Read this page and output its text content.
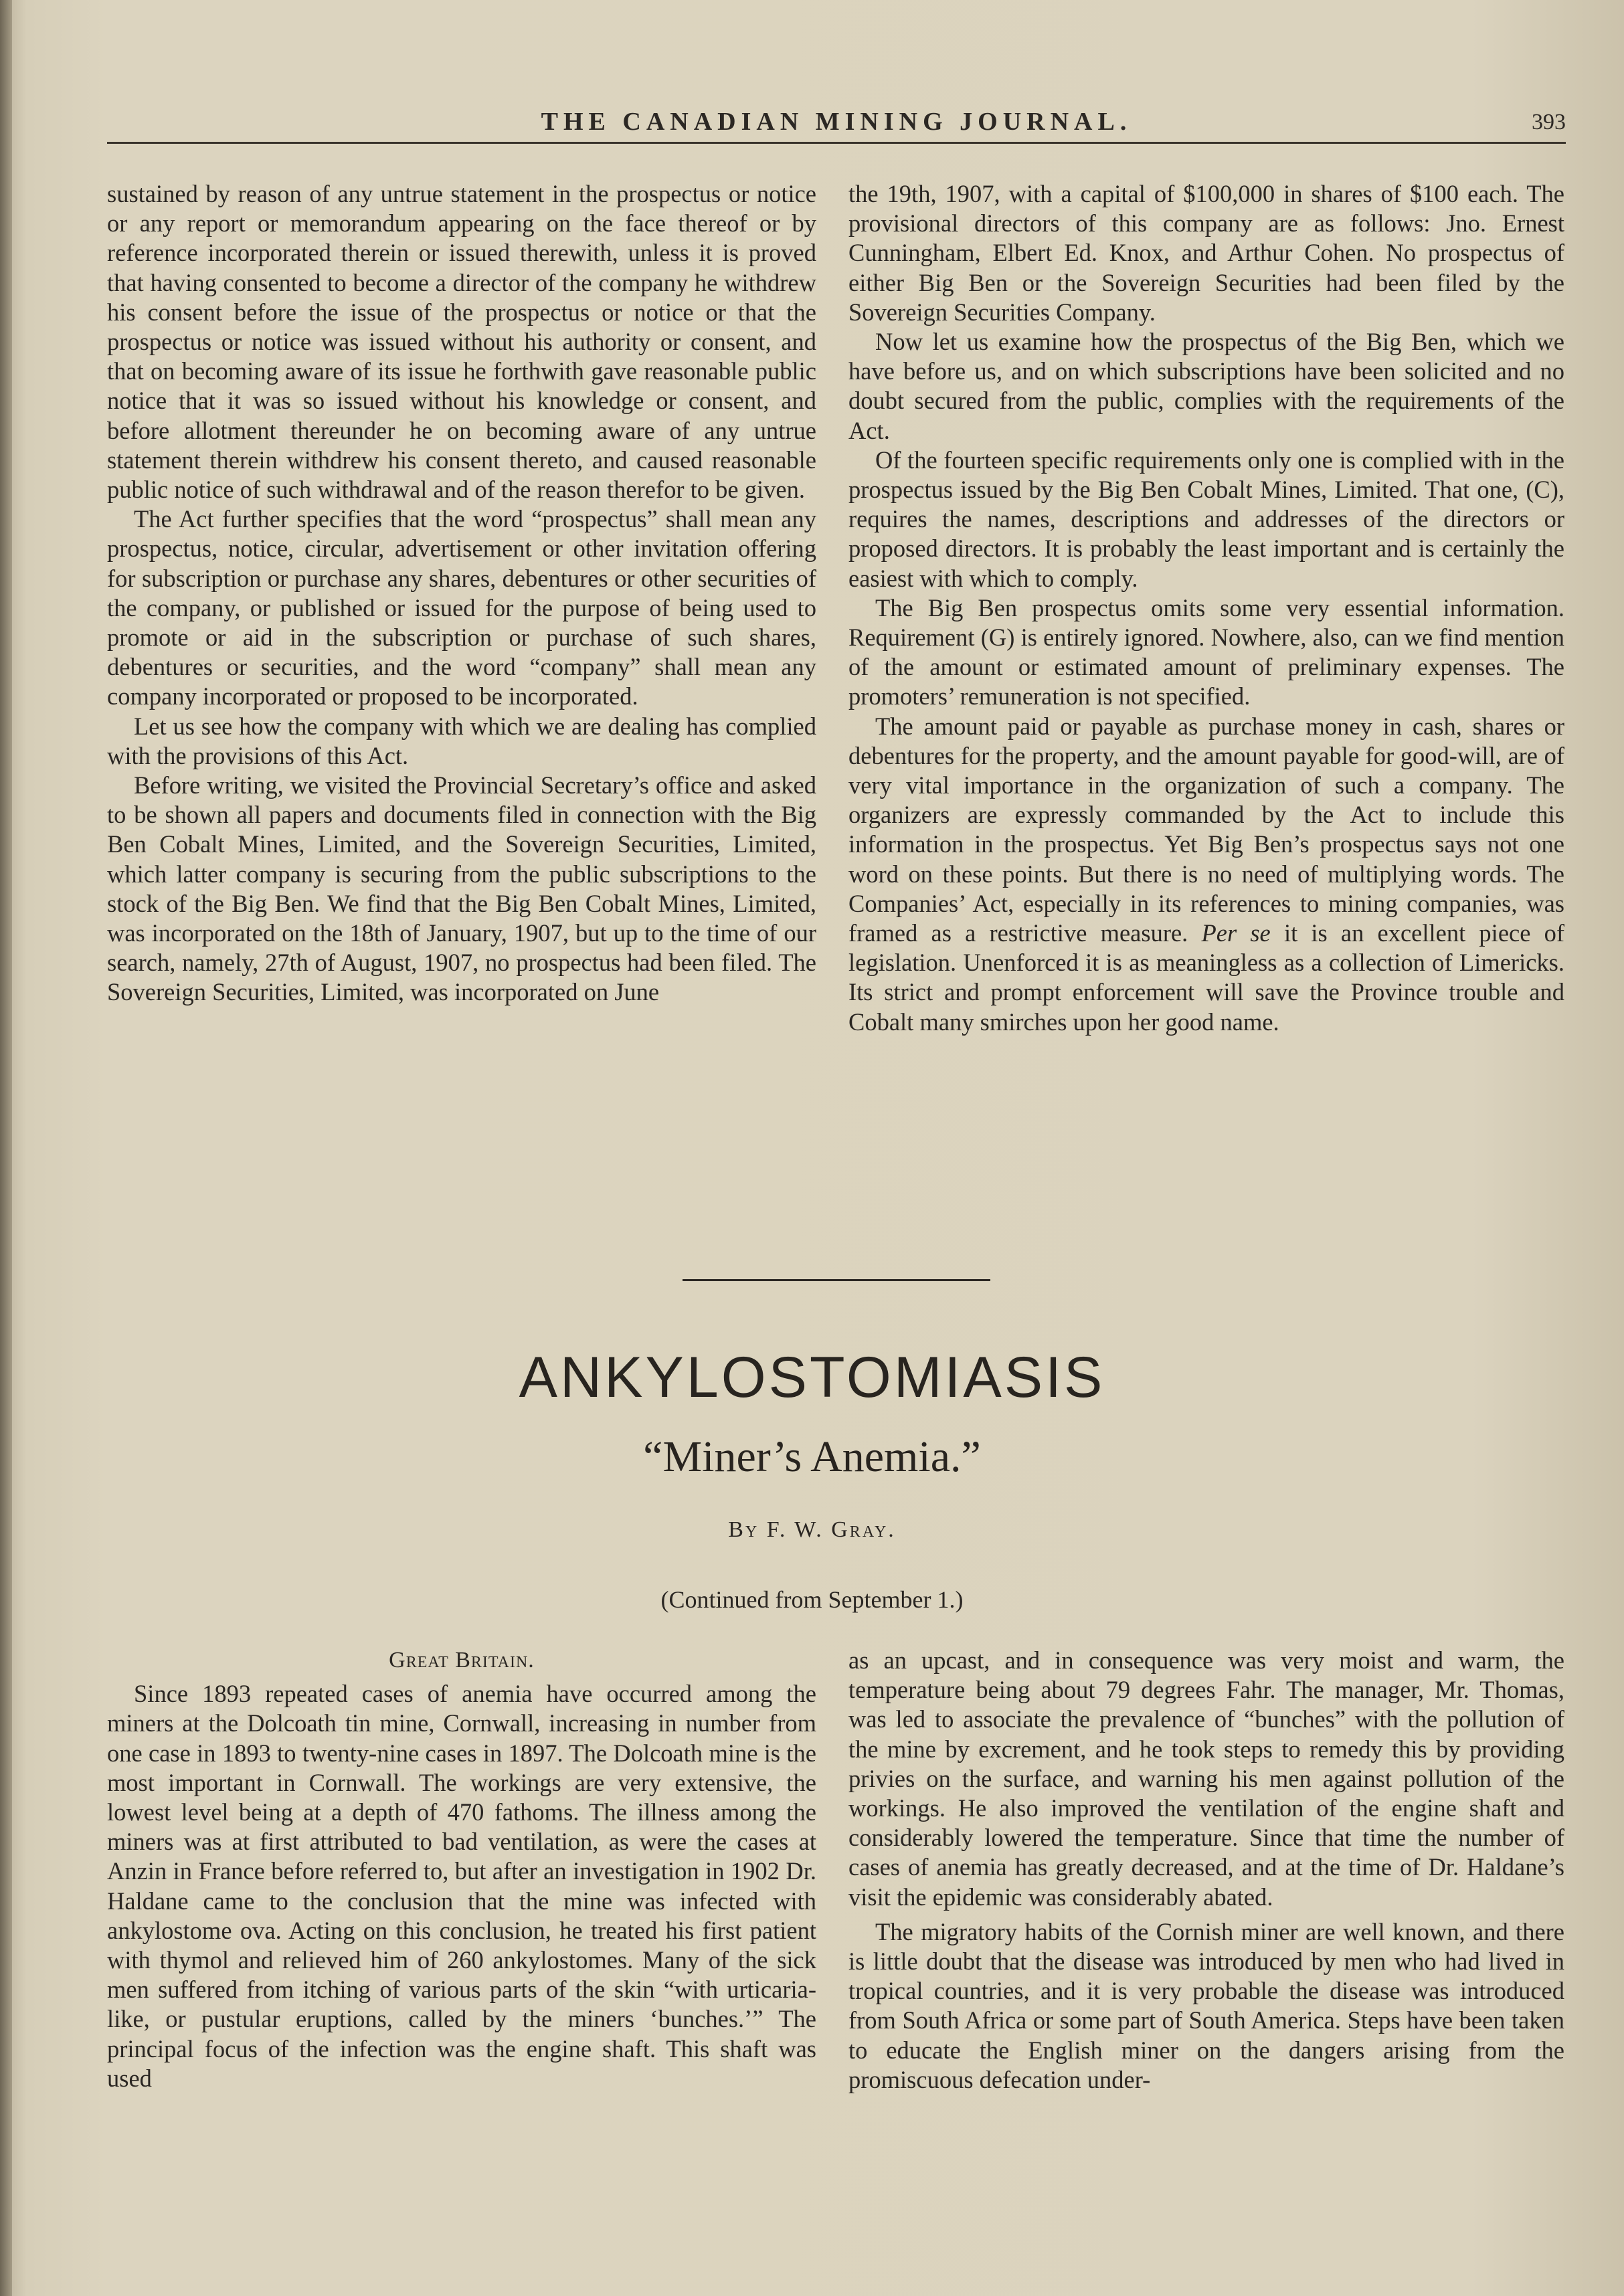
THE CANADIAN MINING JOURNAL.	393

sustained by reason of any untrue statement in the prospectus or notice or any report or memorandum appearing on the face thereof or by reference incorporated therein or issued therewith, unless it is proved that having consented to become a director of the company he withdrew his consent before the issue of the prospectus or notice or that the prospectus or notice was issued without his authority or consent, and that on becoming aware of its issue he forthwith gave reasonable public notice that it was so issued without his knowledge or consent, and before allotment thereunder he on becoming aware of any untrue statement therein withdrew his consent thereto, and caused reasonable public notice of such withdrawal and of the reason therefor to be given.

The Act further specifies that the word “prospectus” shall mean any prospectus, notice, circular, advertisement or other invitation offering for subscription or purchase any shares, debentures or other securities of the company, or published or issued for the purpose of being used to promote or aid in the subscription or purchase of such shares, debentures or securities, and the word “company” shall mean any company incorporated or proposed to be incorporated.

Let us see how the company with which we are dealing has complied with the provisions of this Act.

Before writing, we visited the Provincial Secretary’s office and asked to be shown all papers and documents filed in connection with the Big Ben Cobalt Mines, Limited, and the Sovereign Securities, Limited, which latter company is securing from the public subscriptions to the stock of the Big Ben. We find that the Big Ben Cobalt Mines, Limited, was incorporated on the 18th of January, 1907, but up to the time of our search, namely, 27th of August, 1907, no prospectus had been filed. The Sovereign Securities, Limited, was incorporated on June

the 19th, 1907, with a capital of $100,000 in shares of $100 each. The provisional directors of this company are as follows: Jno. Ernest Cunningham, Elbert Ed. Knox, and Arthur Cohen. No prospectus of either Big Ben or the Sovereign Securities had been filed by the Sovereign Securities Company.

Now let us examine how the prospectus of the Big Ben, which we have before us, and on which subscriptions have been solicited and no doubt secured from the public, complies with the requirements of the Act.

Of the fourteen specific requirements only one is complied with in the prospectus issued by the Big Ben Cobalt Mines, Limited. That one, (C), requires the names, descriptions and addresses of the directors or proposed directors. It is probably the least important and is certainly the easiest with which to comply.

The Big Ben prospectus omits some very essential information. Requirement (G) is entirely ignored. Nowhere, also, can we find mention of the amount or estimated amount of preliminary expenses. The promoters’ remuneration is not specified.

The amount paid or payable as purchase money in cash, shares or debentures for the property, and the amount payable for good-will, are of very vital importance in the organization of such a company. The organizers are expressly commanded by the Act to include this information in the prospectus. Yet Big Ben’s prospectus says not one word on these points. But there is no need of multiplying words. The Companies’ Act, especially in its references to mining companies, was framed as a restrictive measure. Per se it is an excellent piece of legislation. Unenforced it is as meaningless as a collection of Limericks. Its strict and prompt enforcement will save the Province trouble and Cobalt many smirches upon her good name.

ANKYLOSTOMIASIS
“Miner’s Anemia.”
By F. W. Gray.
(Continued from September 1.)
Great Britain.

Since 1893 repeated cases of anemia have occurred among the miners at the Dolcoath tin mine, Cornwall, increasing in number from one case in 1893 to twenty-nine cases in 1897. The Dolcoath mine is the most important in Cornwall. The workings are very extensive, the lowest level being at a depth of 470 fathoms. The illness among the miners was at first attributed to bad ventilation, as were the cases at Anzin in France before referred to, but after an investigation in 1902 Dr. Haldane came to the conclusion that the mine was infected with ankylostome ova. Acting on this conclusion, he treated his first patient with thymol and relieved him of 260 ankylostomes. Many of the sick men suffered from itching of various parts of the skin “with urticaria-like, or pustular eruptions, called by the miners ‘bunches.’” The principal focus of the infection was the engine shaft. This shaft was used

as an upcast, and in consequence was very moist and warm, the temperature being about 79 degrees Fahr. The manager, Mr. Thomas, was led to associate the prevalence of “bunches” with the pollution of the mine by excrement, and he took steps to remedy this by providing privies on the surface, and warning his men against pollution of the workings. He also improved the ventilation of the engine shaft and considerably lowered the temperature. Since that time the number of cases of anemia has greatly decreased, and at the time of Dr. Haldane’s visit the epidemic was considerably abated.

The migratory habits of the Cornish miner are well known, and there is little doubt that the disease was introduced by men who had lived in tropical countries, and it is very probable the disease was introduced from South Africa or some part of South America. Steps have been taken to educate the English miner on the dangers arising from the promiscuous defecation under-
